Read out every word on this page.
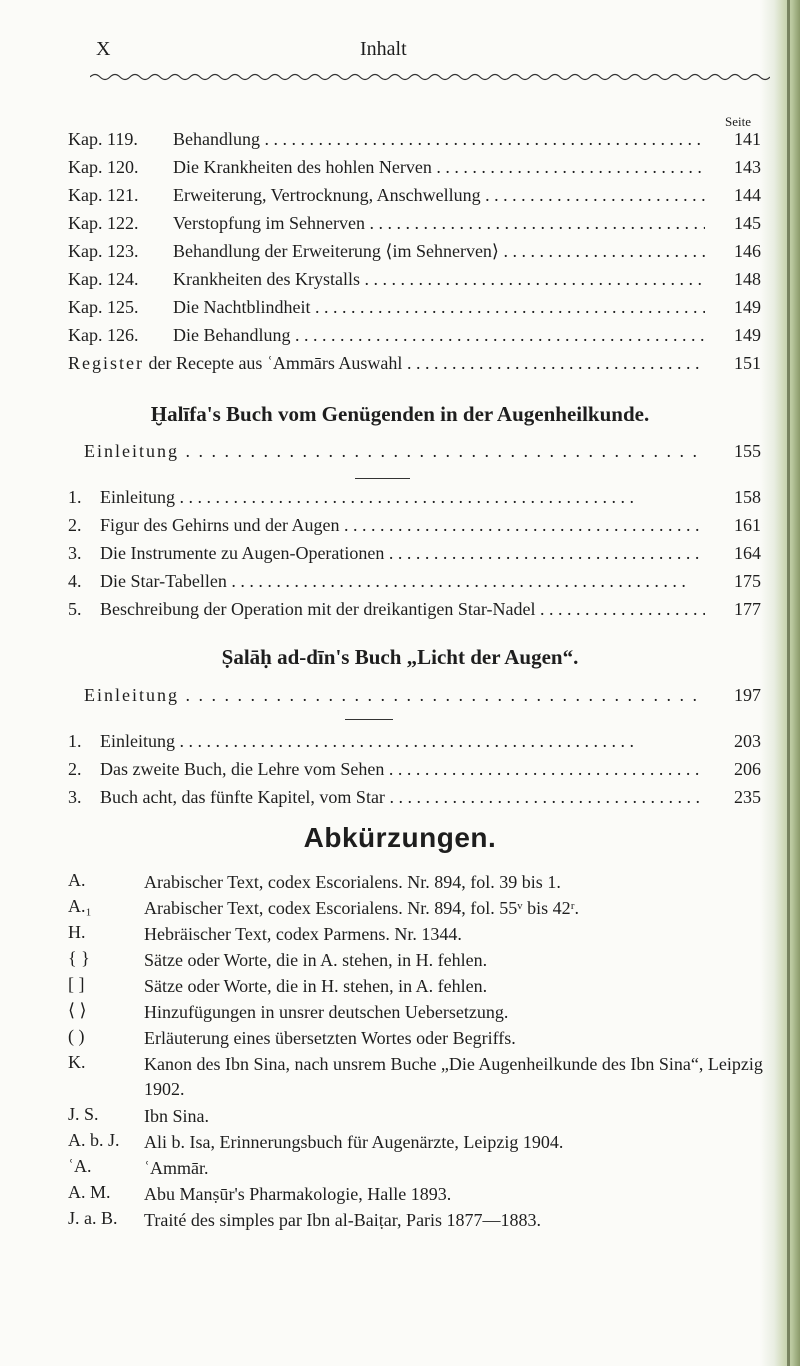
X	Inhalt
Seite
Kap. 119.	Behandlung . . .	141
Kap. 120.	Die Krankheiten des hohlen Nerven . . .	143
Kap. 121.	Erweiterung, Vertrocknung, Anschwellung . . .	144
Kap. 122.	Verstopfung im Sehnerven . . .	145
Kap. 123.	Behandlung der Erweiterung ⟨im Sehnerven⟩ . . .	146
Kap. 124.	Krankheiten des Krystalls . . .	148
Kap. 125.	Die Nachtblindheit . . .	149
Kap. 126.	Die Behandlung . . .	149
Register der Recepte aus ʿAmmārs Auswahl . . .	151
Ḫalīfa's Buch vom Genügenden in der Augenheilkunde.
Einleitung . . .	155
1.	Einleitung . . .	158
2.	Figur des Gehirns und der Augen . . .	161
3.	Die Instrumente zu Augen-Operationen . . .	164
4.	Die Star-Tabellen . . .	175
5.	Beschreibung der Operation mit der dreikantigen Star-Nadel . . .	177
Ṣalāḥ ad-dīn's Buch „Licht der Augen“.
Einleitung . . .	197
1.	Einleitung . . .	203
2.	Das zweite Buch, die Lehre vom Sehen . . .	206
3.	Buch acht, das fünfte Kapitel, vom Star . . .	235
Abkürzungen.
A.	Arabischer Text, codex Escorialens. Nr. 894, fol. 39 bis 1.
A.₁	Arabischer Text, codex Escorialens. Nr. 894, fol. 55ᵛ bis 42ʳ.
H.	Hebräischer Text, codex Parmens. Nr. 1344.
{ }	Sätze oder Worte, die in A. stehen, in H. fehlen.
[ ]	Sätze oder Worte, die in H. stehen, in A. fehlen.
⟨ ⟩	Hinzufügungen in unsrer deutschen Uebersetzung.
( )	Erläuterung eines übersetzten Wortes oder Begriffs.
K.	Kanon des Ibn Sina, nach unsrem Buche „Die Augenheilkunde des Ibn Sina“, Leipzig 1902.
J. S.	Ibn Sina.
A. b. J.	Ali b. Isa, Erinnerungsbuch für Augenärzte, Leipzig 1904.
ʿA.	ʿAmmār.
A. M.	Abu Manṣūr's Pharmakologie, Halle 1893.
J. a. B.	Traité des simples par Ibn al-Baiṭar, Paris 1877—1883.
